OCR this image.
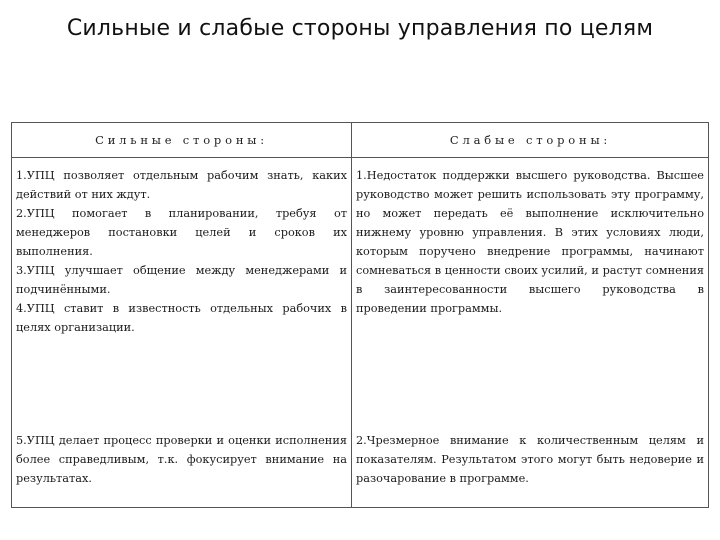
Сильные и слабые стороны управления по целям
Сильные стороны:	Слабые стороны:

1.УПЦ позволяет отдельным рабочим знать, каких действий от них ждут.

2.УПЦ помогает в планировании, требуя от менеджеров постановки целей и сроков их выполнения.

3.УПЦ улучшает общение между менеджерами и подчинёнными.

4.УПЦ ставит в известность отдельных рабочих в целях организации.

1.Недостаток поддержки высшего руководства. Высшее руководство может решить использовать эту программу, но может передать её выполнение исключительно нижнему уровню управления. В этих условиях люди, которым поручено внедрение программы, начинают сомневаться в ценности своих усилий, и растут сомнения в заинтересованности высшего руководства в проведении программы.

5.УПЦ делает процесс проверки и оценки исполнения более справедливым, т.к. фокусирует внимание на результатах.

2.Чрезмерное внимание к количественным целям и показателям. Результатом этого могут быть недоверие и разочарование в программе.
